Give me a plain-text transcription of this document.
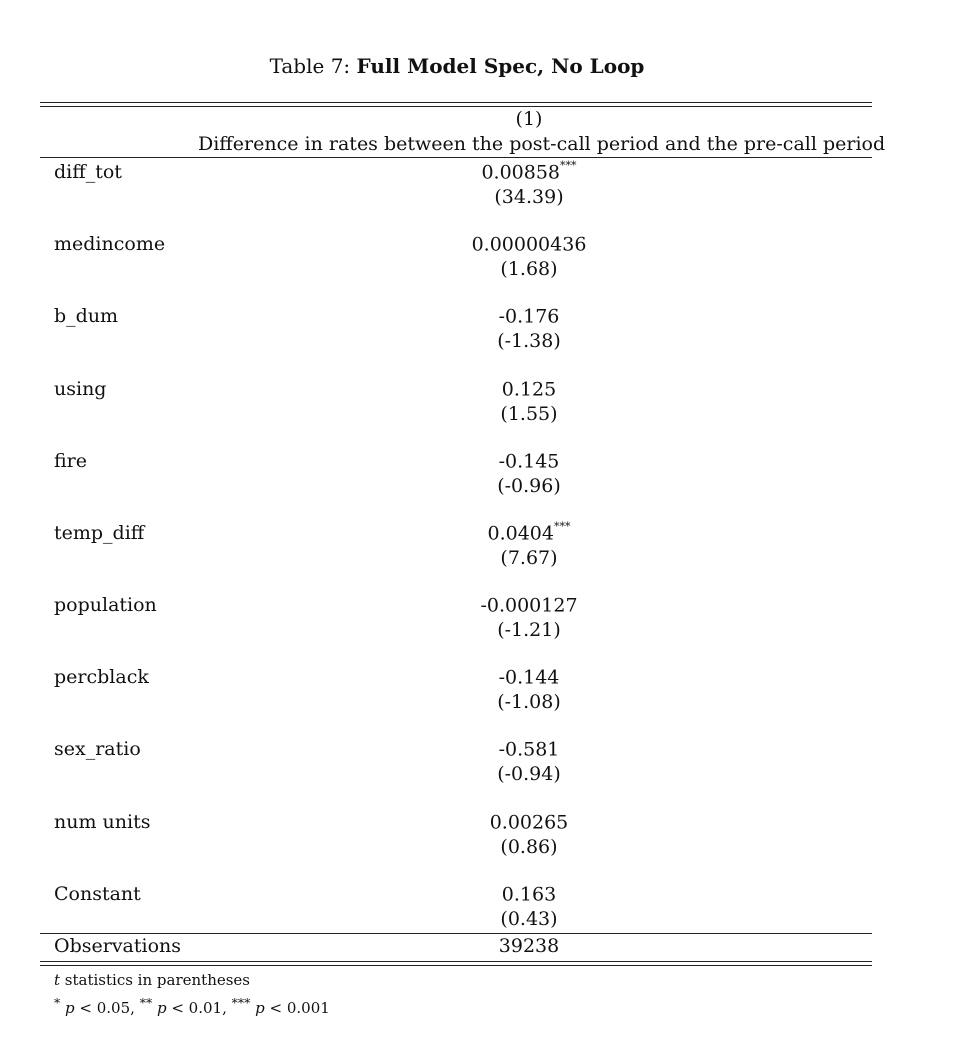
Table 7: Full Model Spec, No Loop
(1)
Difference in rates between the post-call period and the pre-call period
diff_tot	0.00858***
(34.39)
medincome	0.00000436
(1.68)
b_dum	-0.176
(-1.38)
using	0.125
(1.55)
fire	-0.145
(-0.96)
temp_diff	0.0404***
(7.67)
population	-0.000127
(-1.21)
percblack	-0.144
(-1.08)
sex_ratio	-0.581
(-0.94)
num units	0.00265
(0.86)
Constant	0.163
(0.43)
Observations	39238
t statistics in parentheses
* p < 0.05, ** p < 0.01, *** p < 0.001
